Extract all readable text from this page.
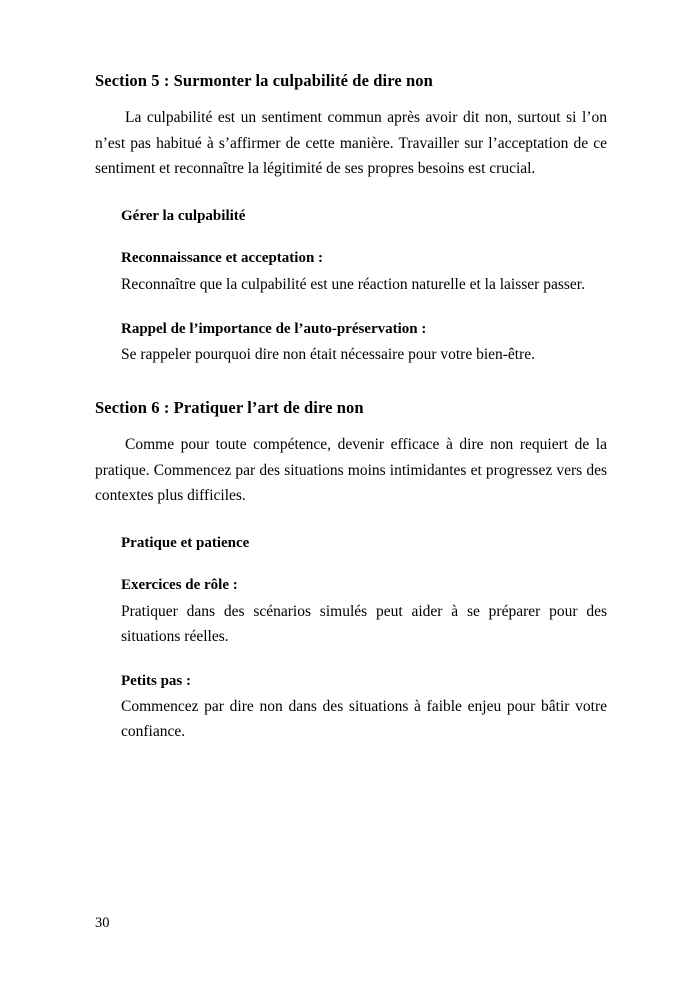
Section 5 : Surmonter la culpabilité de dire non

La culpabilité est un sentiment commun après avoir dit non, surtout si l’on n’est pas habitué à s’affirmer de cette manière. Travailler sur l’acceptation de ce sentiment et reconnaître la légitimité de ses propres besoins est crucial.

Gérer la culpabilité
Reconnaissance et acceptation :

Reconnaître que la culpabilité est une réaction naturelle et la laisser passer.

Rappel de l’importance de l’auto-préservation :

Se rappeler pourquoi dire non était nécessaire pour votre bien-être.

Section 6 : Pratiquer l’art de dire non

Comme pour toute compétence, devenir efficace à dire non requiert de la pratique. Commencez par des situations moins intimidantes et progressez vers des contextes plus difficiles.

Pratique et patience
Exercices de rôle :

Pratiquer dans des scénarios simulés peut aider à se préparer pour des situations réelles.

Petits pas :

Commencez par dire non dans des situations à faible enjeu pour bâtir votre confiance.

30
